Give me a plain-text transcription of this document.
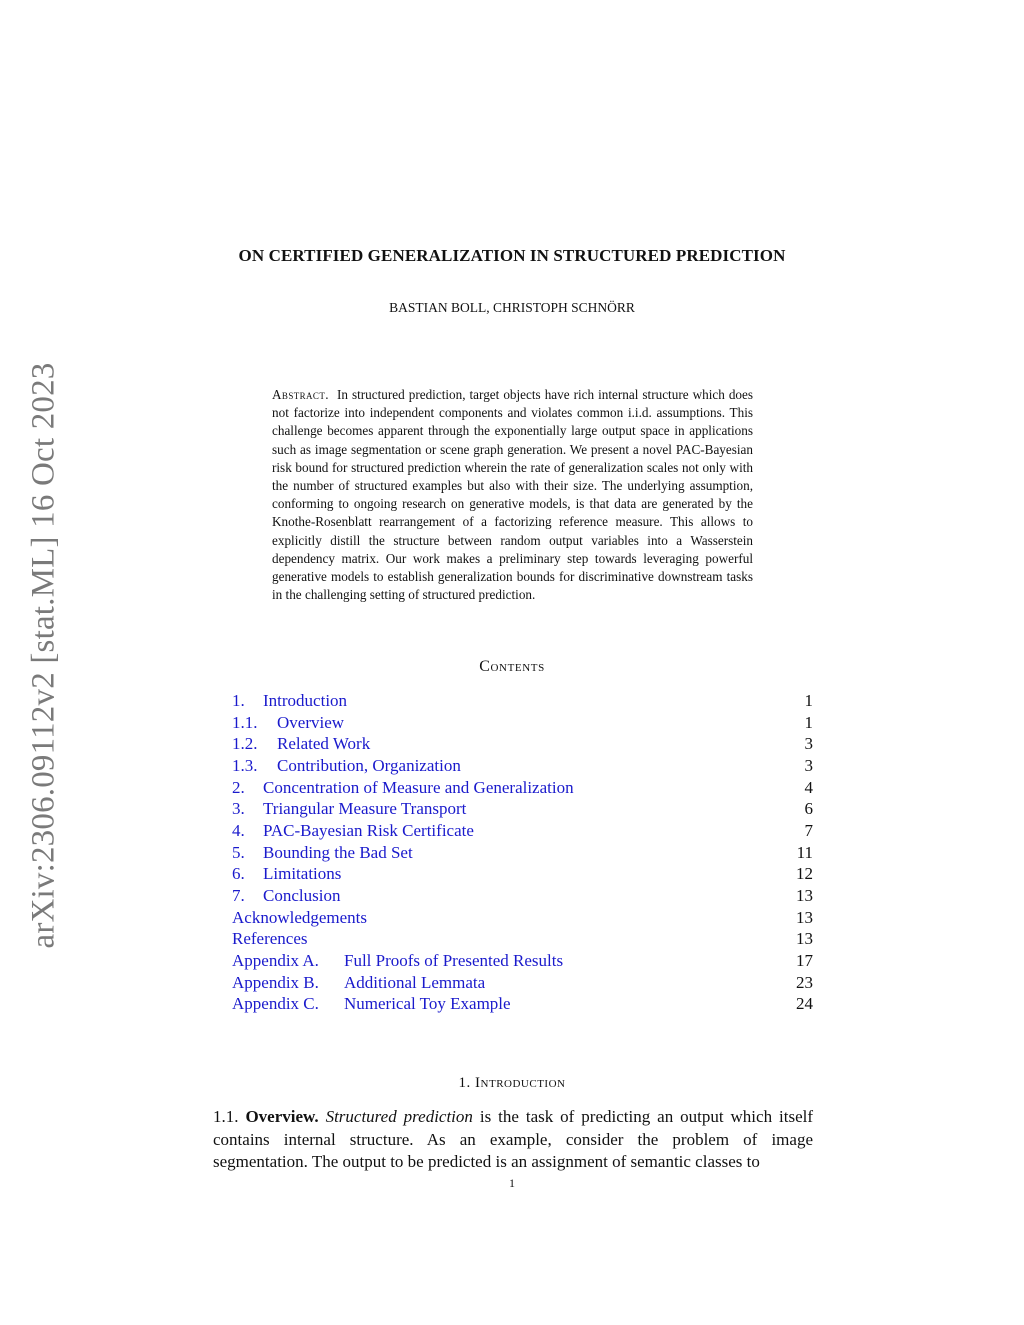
arXiv:2306.09112v2 [stat.ML] 16 Oct 2023
ON CERTIFIED GENERALIZATION IN STRUCTURED PREDICTION
BASTIAN BOLL, CHRISTOPH SCHNÖRR
Abstract. In structured prediction, target objects have rich internal structure which does not factorize into independent components and violates common i.i.d. assumptions. This challenge becomes apparent through the exponentially large output space in applications such as image segmentation or scene graph generation. We present a novel PAC-Bayesian risk bound for structured prediction wherein the rate of generalization scales not only with the number of structured examples but also with their size. The underlying assumption, conforming to ongoing research on generative models, is that data are generated by the Knothe-Rosenblatt rearrangement of a factorizing reference measure. This allows to explicitly distill the structure between random output variables into a Wasserstein dependency matrix. Our work makes a preliminary step towards leveraging powerful generative models to establish generalization bounds for discriminative downstream tasks in the challenging setting of structured prediction.
Contents
1. Introduction	1
1.1. Overview	1
1.2. Related Work	3
1.3. Contribution, Organization	3
2. Concentration of Measure and Generalization	4
3. Triangular Measure Transport	6
4. PAC-Bayesian Risk Certificate	7
5. Bounding the Bad Set	11
6. Limitations	12
7. Conclusion	13
Acknowledgements	13
References	13
Appendix A. Full Proofs of Presented Results	17
Appendix B. Additional Lemmata	23
Appendix C. Numerical Toy Example	24
1. Introduction
1.1. Overview. Structured prediction is the task of predicting an output which itself contains internal structure. As an example, consider the problem of image segmentation. The output to be predicted is an assignment of semantic classes to
1
